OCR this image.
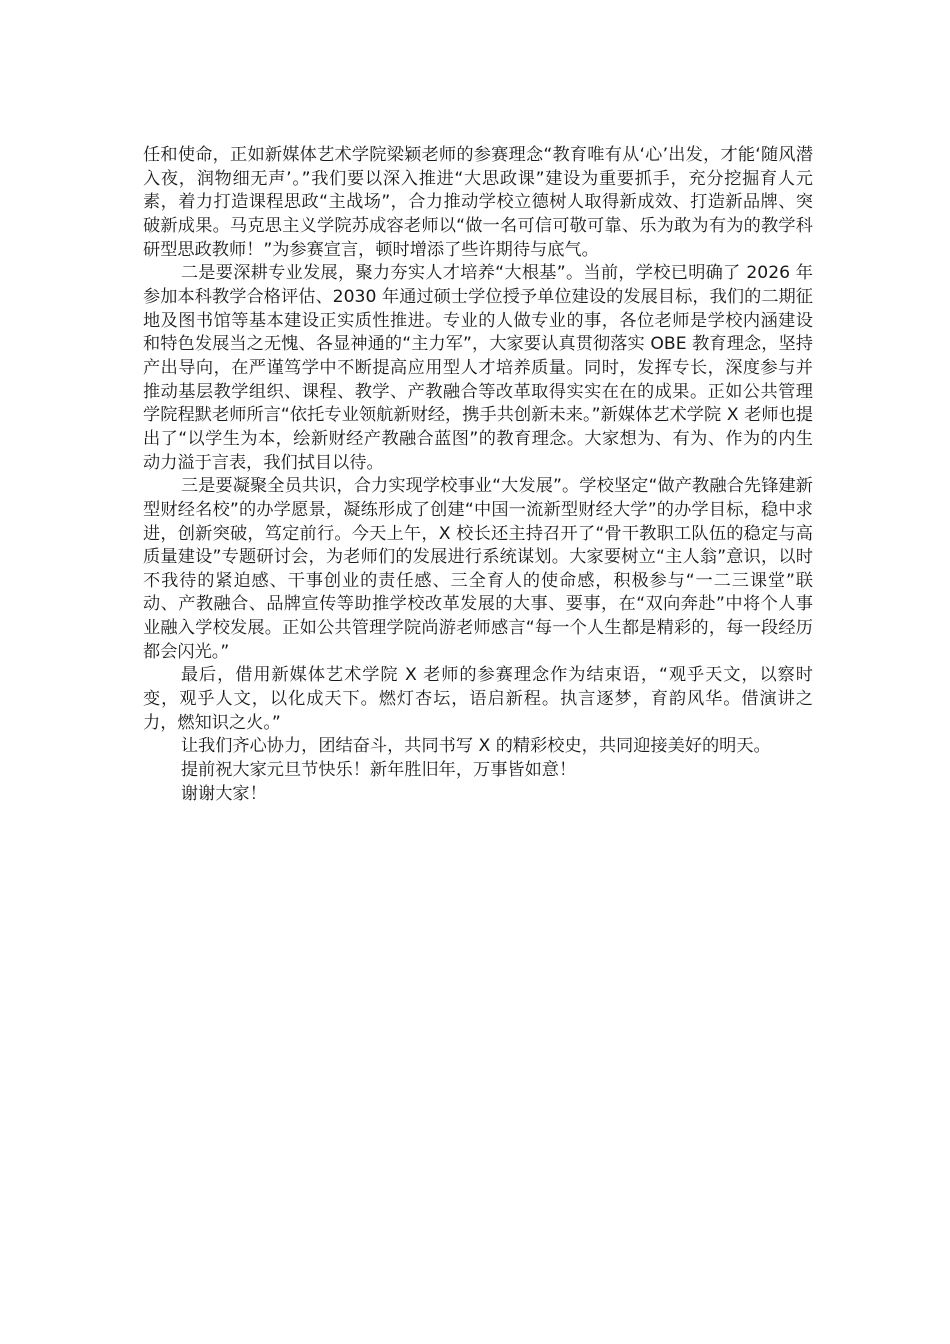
任和使命，正如新媒体艺术学院梁颖老师的参赛理念“教育唯有从‘心’出发，才能‘随风潜入夜，润物细无声’。”我们要以深入推进“大思政课”建设为重要抓手，充分挖掘育人元素，着力打造课程思政“主战场”，合力推动学校立德树人取得新成效、打造新品牌、突破新成果。马克思主义学院苏成容老师以“做一名可信可敬可靠、乐为敢为有为的教学科研型思政教师！”为参赛宣言，顿时增添了些许期待与底气。

二是要深耕专业发展，聚力夯实人才培养“大根基”。当前，学校已明确了 2026 年参加本科教学合格评估、2030 年通过硕士学位授予单位建设的发展目标，我们的二期征地及图书馆等基本建设正实质性推进。专业的人做专业的事，各位老师是学校内涵建设和特色发展当之无愧、各显神通的“主力军”，大家要认真贯彻落实 OBE 教育理念，坚持产出导向，在严谨笃学中不断提高应用型人才培养质量。同时，发挥专长，深度参与并推动基层教学组织、课程、教学、产教融合等改革取得实实在在的成果。正如公共管理学院程默老师所言“依托专业领航新财经，携手共创新未来。”新媒体艺术学院 X 老师也提出了“以学生为本，绘新财经产教融合蓝图”的教育理念。大家想为、有为、作为的内生动力溢于言表，我们拭目以待。

三是要凝聚全员共识，合力实现学校事业“大发展”。学校坚定“做产教融合先锋建新型财经名校”的办学愿景，凝练形成了创建“中国一流新型财经大学”的办学目标，稳中求进，创新突破，笃定前行。今天上午，X 校长还主持召开了“骨干教职工队伍的稳定与高质量建设”专题研讨会，为老师们的发展进行系统谋划。大家要树立“主人翁”意识，以时不我待的紧迫感、干事创业的责任感、三全育人的使命感，积极参与“一二三课堂”联动、产教融合、品牌宣传等助推学校改革发展的大事、要事，在“双向奔赴”中将个人事业融入学校发展。正如公共管理学院尚游老师感言“每一个人生都是精彩的，每一段经历都会闪光。”

最后，借用新媒体艺术学院 X 老师的参赛理念作为结束语，“观乎天文，以察时变，观乎人文，以化成天下。燃灯杏坛，语启新程。执言逐梦，育韵风华。借演讲之力，燃知识之火。”

让我们齐心协力，团结奋斗，共同书写 X 的精彩校史，共同迎接美好的明天。

提前祝大家元旦节快乐！新年胜旧年，万事皆如意！

谢谢大家！
